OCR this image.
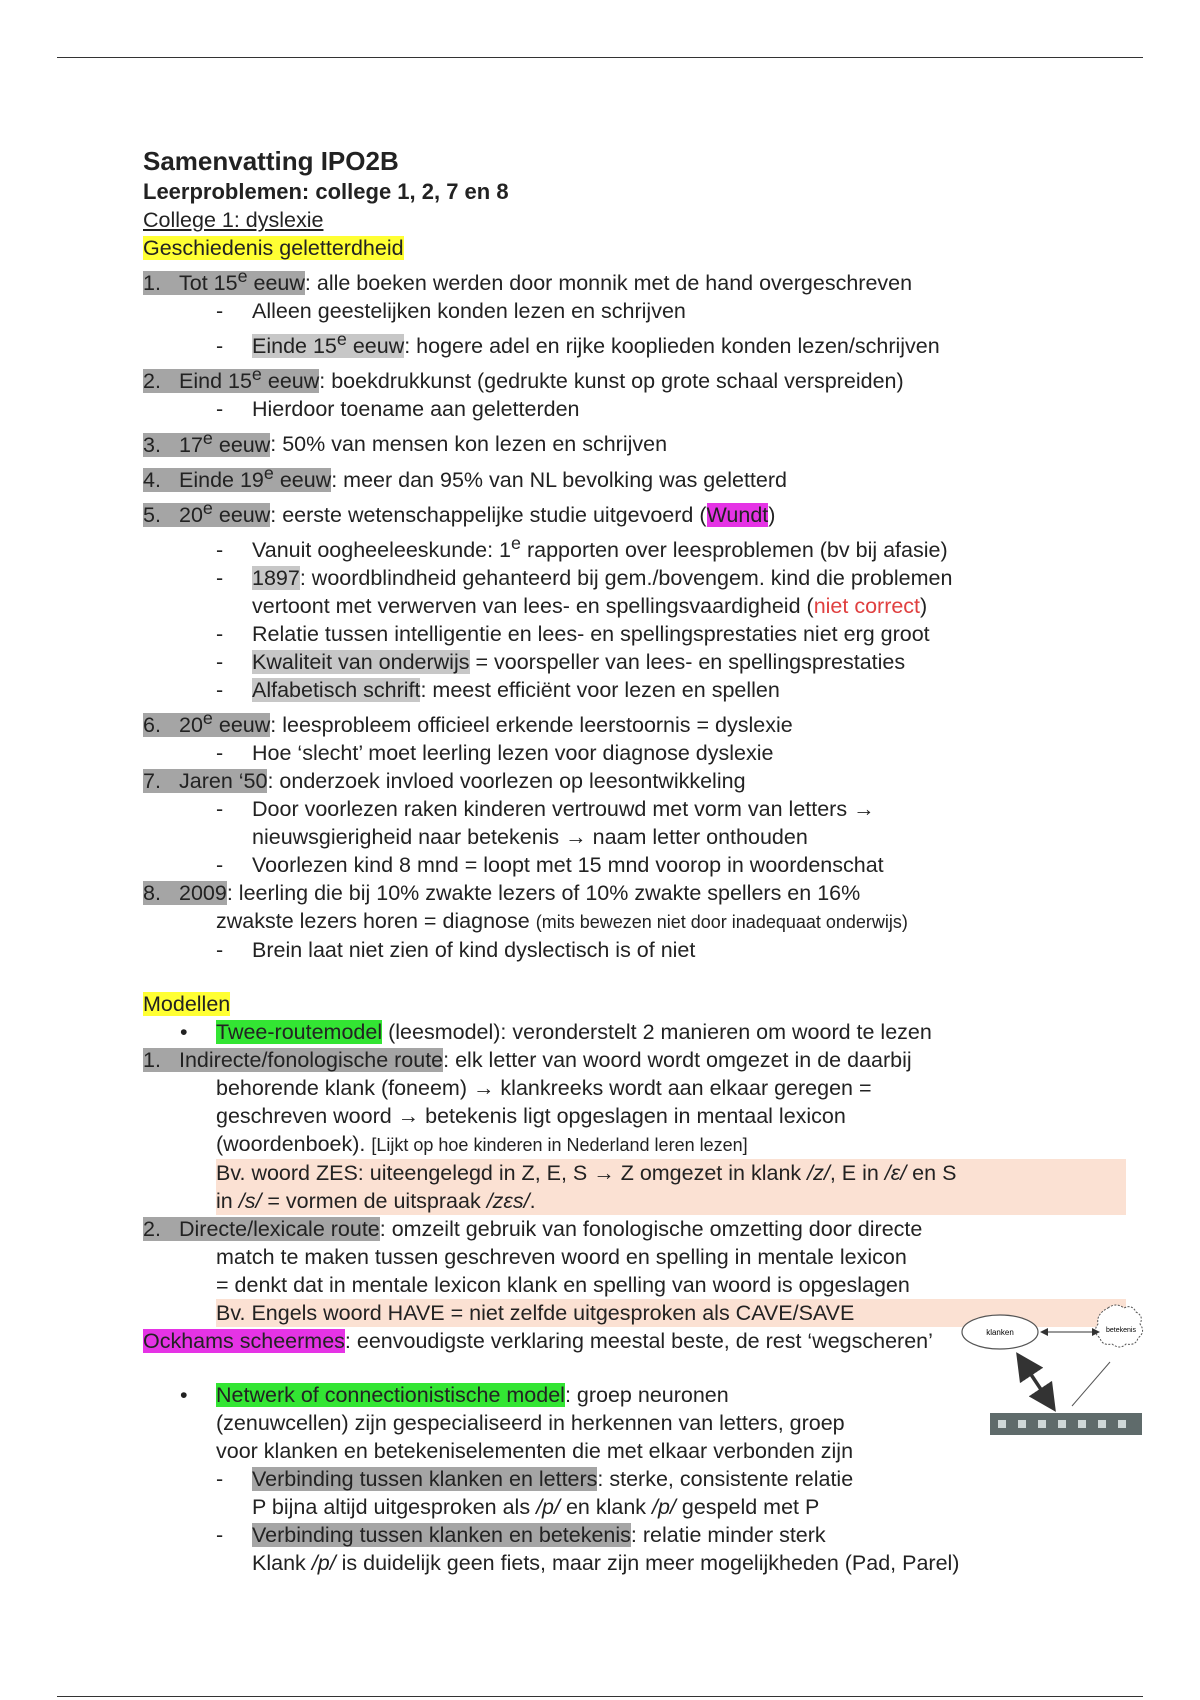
Samenvatting IPO2B
Leerproblemen: college 1, 2, 7 en 8
College 1: dyslexie
Geschiedenis geletterdheid
1. Tot 15e eeuw: alle boeken werden door monnik met de hand overgeschreven
- Alleen geestelijken konden lezen en schrijven
- Einde 15e eeuw: hogere adel en rijke kooplieden konden lezen/schrijven
2. Eind 15e eeuw: boekdrukkunst (gedrukte kunst op grote schaal verspreiden)
- Hierdoor toename aan geletterden
3. 17e eeuw: 50% van mensen kon lezen en schrijven
4. Einde 19e eeuw: meer dan 95% van NL bevolking was geletterd
5. 20e eeuw: eerste wetenschappelijke studie uitgevoerd (Wundt)
- Vanuit oogheeleeskunde: 1e rapporten over leesproblemen (bv bij afasie)
- 1897: woordblindheid gehanteerd bij gem./bovengem. kind die problemen
vertoont met verwerven van lees- en spellingsvaardigheid (niet correct)
- Relatie tussen intelligentie en lees- en spellingsprestaties niet erg groot
- Kwaliteit van onderwijs = voorspeller van lees- en spellingsprestaties
- Alfabetisch schrift: meest efficiënt voor lezen en spellen
6. 20e eeuw: leesprobleem officieel erkende leerstoornis = dyslexie
- Hoe ‘slecht’ moet leerling lezen voor diagnose dyslexie
7. Jaren ‘50: onderzoek invloed voorlezen op leesontwikkeling
- Door voorlezen raken kinderen vertrouwd met vorm van letters →
nieuwsgierigheid naar betekenis → naam letter onthouden
- Voorlezen kind 8 mnd = loopt met 15 mnd voorop in woordenschat
8. 2009: leerling die bij 10% zwakte lezers of 10% zwakte spellers en 16%
zwakste lezers horen = diagnose (mits bewezen niet door inadequaat onderwijs)
- Brein laat niet zien of kind dyslectisch is of niet
Modellen
• Twee-routemodel (leesmodel): veronderstelt 2 manieren om woord te lezen
1. Indirecte/fonologische route: elk letter van woord wordt omgezet in de daarbij
behorende klank (foneem) → klankreeks wordt aan elkaar geregen =
geschreven woord → betekenis ligt opgeslagen in mentaal lexicon
(woordenboek). [Lijkt op hoe kinderen in Nederland leren lezen]
Bv. woord ZES: uiteengelegd in Z, E, S → Z omgezet in klank /z/, E in /ɛ/ en S
in /s/ = vormen de uitspraak /zɛs/.
2. Directe/lexicale route: omzeilt gebruik van fonologische omzetting door directe
match te maken tussen geschreven woord en spelling in mentale lexicon
= denkt dat in mentale lexicon klank en spelling van woord is opgeslagen
Bv. Engels woord HAVE = niet zelfde uitgesproken als CAVE/SAVE
Ockhams scheermes: eenvoudigste verklaring meestal beste, de rest ‘wegscheren’
• Netwerk of connectionistische model: groep neuronen
(zenuwcellen) zijn gespecialiseerd in herkennen van letters, groep
voor klanken en betekeniselementen die met elkaar verbonden zijn
- Verbinding tussen klanken en letters: sterke, consistente relatie
P bijna altijd uitgesproken als /p/ en klank /p/ gespeld met P
- Verbinding tussen klanken en betekenis: relatie minder sterk
Klank /p/ is duidelijk geen fiets, maar zijn meer mogelijkheden (Pad, Parel)
klanken	betekenis
